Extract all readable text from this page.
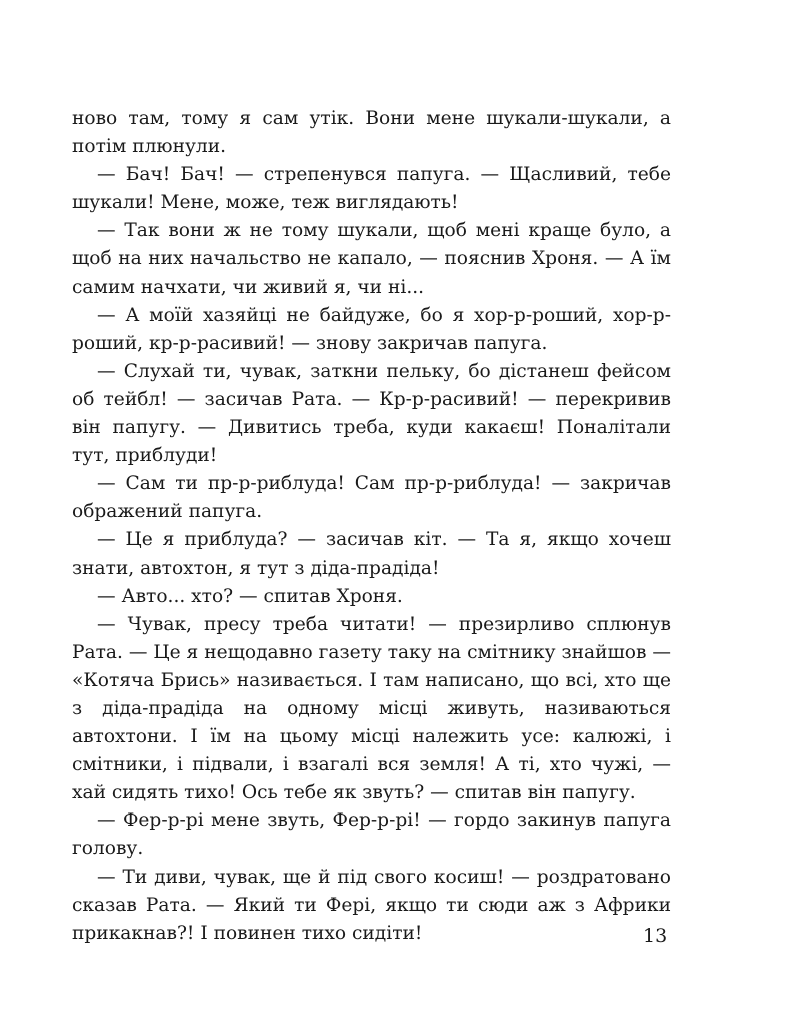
ново там, тому я сам утік. Вони мене шукали-шукали, а потім плюнули.

— Бач! Бач! — стрепенувся папуга. — Щасливий, тебе шукали! Мене, може, теж виглядають!

— Так вони ж не тому шукали, щоб мені краще було, а щоб на них начальство не капало, — пояснив Хроня. — А їм самим начхати, чи живий я, чи ні...

— А моїй хазяйці не байдуже, бо я хор-р-роший, хор-р-роший, кр-р-расивий! — знову закричав папуга.

— Слухай ти, чувак, заткни пельку, бо дістанеш фейсом об тейбл! — засичав Рата. — Кр-р-расивий! — перекривив він папугу. — Дивитись треба, куди какаєш! Поналітали тут, приблуди!

— Сам ти пр-р-риблуда! Сам пр-р-риблуда! — закричав ображений папуга.

— Це я приблуда? — засичав кіт. — Та я, якщо хочеш знати, автохтон, я тут з діда-прадіда!

— Авто... хто? — спитав Хроня.

— Чувак, пресу треба читати! — презирливо сплюнув Рата. — Це я нещодавно газету таку на смітнику знайшов — «Котяча Брись» називається. І там написано, що всі, хто ще з діда-прадіда на одному місці живуть, називаються автохтони. І їм на цьому місці належить усе: калюжі, і смітники, і підвали, і взагалі вся земля! А ті, хто чужі, — хай сидять тихо! Ось тебе як звуть? — спитав він папугу.

— Фер-р-рі мене звуть, Фер-р-рі! — гордо закинув папуга голову.

— Ти диви, чувак, ще й під свого косиш! — роздратовано сказав Рата. — Який ти Фері, якщо ти сюди аж з Африки прикакнав?! І повинен тихо сидіти!	13
